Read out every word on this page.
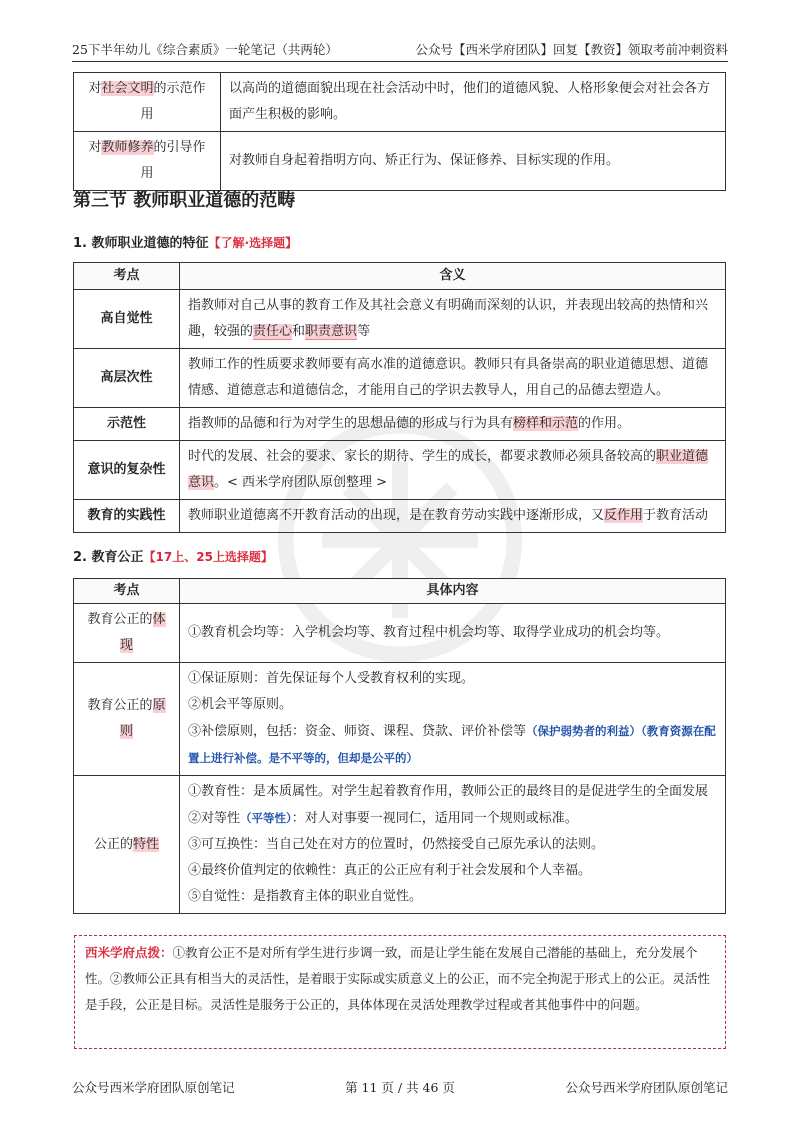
25下半年幼儿《综合素质》一轮笔记（共两轮）	公众号【西米学府团队】回复【教资】领取考前冲刺资料
对社会文明的示范作用	以高尚的道德面貌出现在社会活动中时，他们的道德风貌、人格形象便会对社会各方面产生积极的影响。
对教师修养的引导作用	对教师自身起着指明方向、矫正行为、保证修养、目标实现的作用。
第三节 教师职业道德的范畴
1. 教师职业道德的特征【了解·选择题】
考点	含义
高自觉性	指教师对自己从事的教育工作及其社会意义有明确而深刻的认识，并表现出较高的热情和兴趣，较强的责任心和职责意识等
高层次性	教师工作的性质要求教师要有高水准的道德意识。教师只有具备崇高的职业道德思想、道德情感、道德意志和道德信念，才能用自己的学识去教导人，用自己的品德去塑造人。
示范性	指教师的品德和行为对学生的思想品德的形成与行为具有榜样和示范的作用。
意识的复杂性	时代的发展、社会的要求、家长的期待、学生的成长，都要求教师必须具备较高的职业道德意识。< 西米学府团队原创整理 >
教育的实践性	教师职业道德离不开教育活动的出现，是在教育劳动实践中逐渐形成，又反作用于教育活动
2. 教育公正【17上、25上选择题】
考点	具体内容
教育公正的体现	①教育机会均等：入学机会均等、教育过程中机会均等、取得学业成功的机会均等。
教育公正的原则	①保证原则：首先保证每个人受教育权利的实现。
②机会平等原则。
③补偿原则，包括：资金、师资、课程、贷款、评价补偿等（保护弱势者的利益）（教育资源在配置上进行补偿。是不平等的，但却是公平的）

公正的特性	①教育性：是本质属性。对学生起着教育作用，教师公正的最终目的是促进学生的全面发展
②对等性（平等性）：对人对事要一视同仁，适用同一个规则或标准。
③可互换性：当自己处在对方的位置时，仍然接受自己原先承认的法则。
④最终价值判定的依赖性：真正的公正应有利于社会发展和个人幸福。
⑤自觉性：是指教育主体的职业自觉性。
西米学府点拨：①教育公正不是对所有学生进行步调一致，而是让学生能在发展自己潜能的基础上，充分发展个性。②教师公正具有相当大的灵活性，是着眼于实际或实质意义上的公正，而不完全拘泥于形式上的公正。灵活性是手段，公正是目标。灵活性是服务于公正的，具体体现在灵活处理教学过程或者其他事件中的问题。
公众号西米学府团队原创笔记	第 11 页 / 共 46 页	公众号西米学府团队原创笔记
